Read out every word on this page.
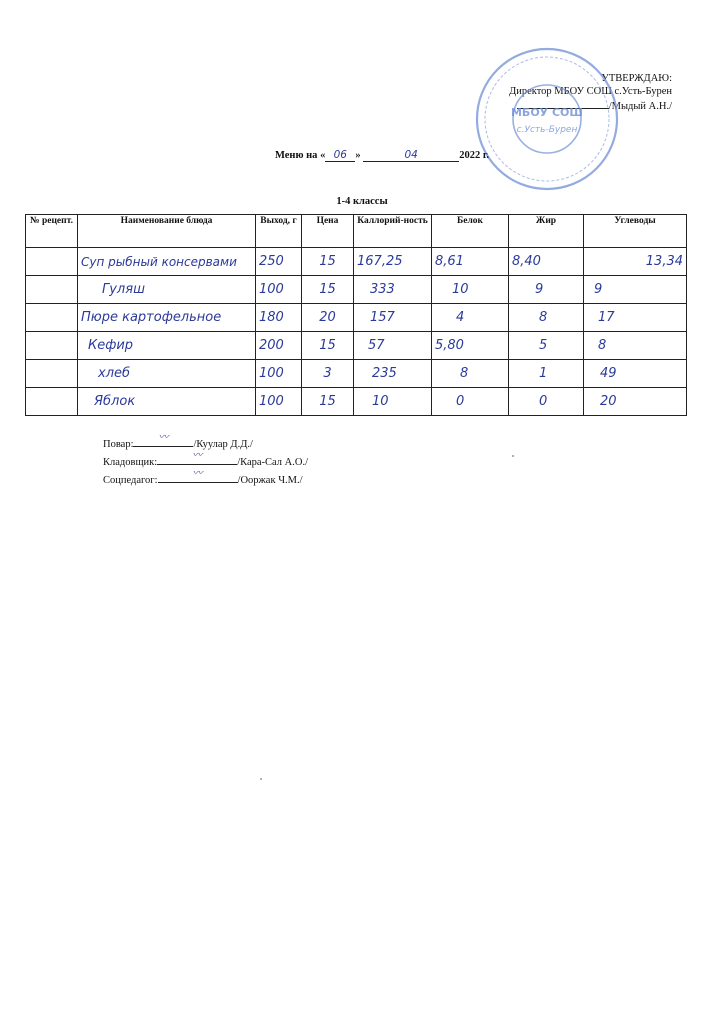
УТВЕРЖДАЮ:
Директор МБОУ СОШ с.Усть-Бурен
/Мыдый А.Н./
МБОУ СОШ
с.Усть-Бурен
Меню на « 06 »	04	2022 г.
1-4 классы
№ рецепт.	Наименование блюда	Выход, г	Цена	Каллорий-ность	Белок	Жир	Углеводы
	Суп рыбный консервами	250	15	167,25	8,61	8,40	13,34
	Гуляш	100	15	333	10	9	9
	Пюре картофельное	180	20	157	4	8	17
	Кефир	200	15	57	5,80	5	8
	хлеб	100	3	235	8	1	49
	Яблок	100	15	10	0	0	20
Повар:
〰
/Куулар Д.Д./
Кладовщик:
〰
/Кара-Сал А.О./
Соцпедагог:
〰
/Ооржак Ч.М./
